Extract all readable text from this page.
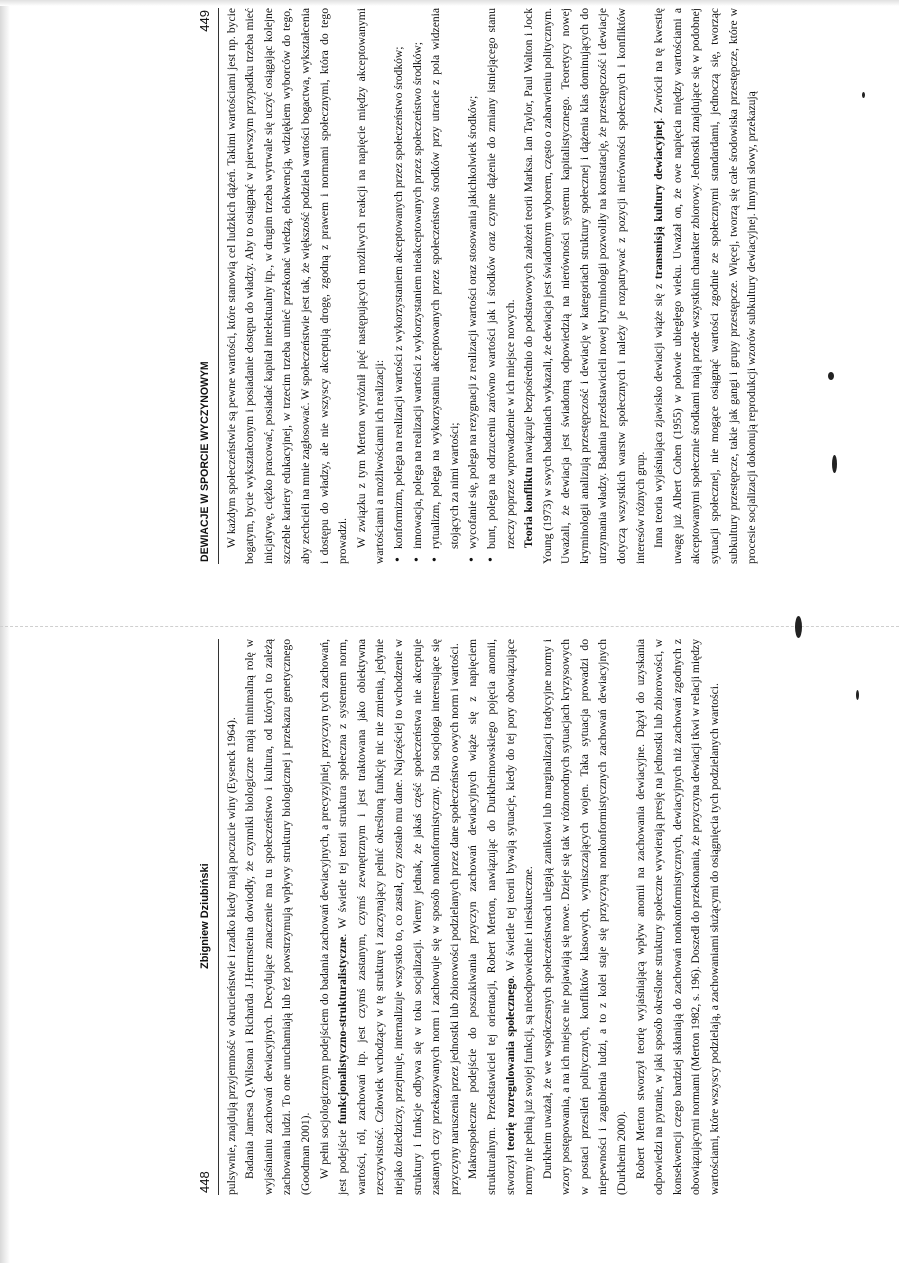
DEWIACJE W SPORCIE WYCZYNOWYM
449 W każdym społeczeństwie są pewne wartości, które stanowią cel ludzkich dążeń. Takimi wartościami jest np. bycie bogatym, bycie wykształconym i posiadanie dostępu do władzy. Aby to osiągnąć w pierwszym przypadku trzeba mieć inicjatywę, ciężko pracować, posiadać kapitał intelektualny itp., w drugim trzeba wytrwale się uczyć osiągając kolejne szczeble kariery edukacyjnej, w trzecim trzeba umieć przekonać wiedzą, elokwencją, wdziękiem wyborców do tego, aby zechcieli na mnie zagłosować. W społeczeństwie jest tak, że większość podziela wartości bogactwa, wykształcenia i dostępu do władzy, ale nie wszyscy akceptują drogę, zgodną z prawem i normami społecznymi, która do tego prowadzi. W związku z tym Merton wyróżnił pięć następujących możliwych reakcji na napięcie między akceptowanymi wartościami a możliwościami ich realizacji: • konformizm, polega na realizacji wartości z wykorzystaniem akceptowanych przez społeczeństwo środków; • innowacja, polega na realizacji wartości z wykorzystaniem nieakceptowanych przez społeczeństwo środków; • rytualizm, polega na wykorzystaniu akceptowanych przez społeczeństwo środków przy utracie z pola widzenia stojących za nimi wartości; • wycofanie się, polega na rezygnacji z realizacji wartości oraz stosowania jakichkolwiek środków; • bunt, polega na odrzuceniu zarówno wartości jak i środków oraz czynne dążenie do zmiany istniejącego stanu rzeczy poprzez wprowadzenie w ich miejsce nowych. Teoria konfliktu nawiązuje bezpośrednio do podstawowych założeń teorii Marksa. Ian Taylor, Paul Walton i Jock Young (1973) w swych badaniach wykazali, że dewiacja jest świadomym wyborem, często o zabarwieniu politycznym. Uważali, że dewiacja jest świadomą odpowiedzią na nierówności systemu kapitalistycznego. Teoretycy nowej kryminologii analizują przestępczość i dewiację w kategoriach struktury społecznej i dążenia klas dominujących do utrzymania władzy. Badania przedstawicieli nowej kryminologii pozwoliły na konstatację, że przestępczość i dewiacje dotyczą wszystkich warstw społecznych i należy je rozpatrywać z pozycji nierówności społecznych i konfliktów interesów różnych grup. Inna teoria wyjaśniająca zjawisko dewiacji wiąże się z transmisją kultury dewiacyjnej. Zwrócił na tę kwestię uwagę już Albert Cohen (1955) w połowie ubiegłego wieku. Uważał on, że owe napięcia między wartościami a akceptowanymi społecznie środkami mają przede wszystkim charakter zbiorowy. Jednostki znajdujące się w podobnej sytuacji społecznej, nie mogące osiągnąć wartości zgodnie ze społecznymi standardami, jednoczą się, tworząc subkultury przestępcze, takie jak gangi i grupy przestępcze. Więcej, tworzą się całe środowiska przestępcze, które w procesie socjalizacji dokonują reprodukcji wzorów subkultury dewiacyjnej. Innymi słowy, przekazują

448
Zbigniew Dziubiński	pulsywnie, znajdują przyjemność w okrucieństwie i rzadko kiedy mają poczucie winy (Eysenck 1964). Badania Jamesa Q.Wilsona i Richarda J.Herrnsteina dowiodły, że czynniki biologiczne mają minimalną rolę w wyjaśnianiu zachowań dewiacyjnych. Decydujące znaczenie ma tu społeczeństwo i kultura, od których to zależą zachowania ludzi. To one uruchamiają lub też powstrzymują wpływy struktury biologicznej i przekazu genetycznego (Goodman 2001). W pełni socjologicznym podejściem do badania zachowań dewiacyjnych, a precyzyjniej, przyczyn tych zachowań, jest podejście funkcjonalistyczno-strukturalistyczne. W świetle tej teorii struktura społeczna z systemem norm, wartości, ról, zachowań itp. jest czymś zastanym, czymś zewnętrznym i jest traktowana jako obiektywna rzeczywistość. Człowiek wchodzący w tę strukturę i zaczynający pełnić określoną funkcję nic nie zmienia, jedynie niejako dziedziczy, przejmuje, internalizuje wszystko to, co zastał, czy zostało mu dane. Najczęściej to wchodzenie w struktury i funkcje odbywa się w toku socjalizacji. Wiemy jednak, że jakaś część społeczeństwa nie akceptuje zastanych czy przekazywanych norm i zachowuje się w sposób nonkonformistyczny. Dla socjologa interesujące się przyczyny naruszenia przez jednostki lub zbiorowości podzielanych przez dane społeczeństwo owych norm i wartości. Makrospołeczne podejście do poszukiwania przyczyn zachowań dewiacyjnych wiąże się z napięciem strukturalnym. Przedstawiciel tej orientacji, Robert Merton, nawiązując do Durkheimowskiego pojęcia anomii, stworzył teorię rozregulowania społecznego. W świetle tej teorii bywają sytuacje, kiedy do tej pory obowiązujące normy nie pełnią już swojej funkcji, są nieodpowiednie i nieskuteczne. Durkheim uważał, że we współczesnych społeczeństwach ulegają zanikowi lub marginalizacji tradycyjne normy i wzory postępowania, a na ich miejsce nie pojawiają się nowe. Dzieje się tak w różnorodnych sytuacjach kryzysowych w postaci przesileń politycznych, konfliktów klasowych, wyniszczających wojen. Taka sytuacja prowadzi do niepewności i zagubienia ludzi, a to z kolei staje się przyczyną nonkonformistycznych zachowań dewiacyjnych (Durkheim 2000). Robert Merton stworzył teorię wyjaśniającą wpływ anomii na zachowania dewiacyjne. Dążył do uzyskania odpowiedzi na pytanie, w jaki sposób określone struktury społeczne wywierają presję na jednostki lub zbiorowości, w konsekwencji czego bardziej skłaniają do zachowań nonkonformistycznych, dewiacyjnych niż zachowań zgodnych z obowiązującymi normami (Merton 1982, s. 196). Doszedł do przekonania, że przyczyna dewiacji tkwi w relacji między wartościami, które wszyscy podzielają, a zachowaniami służącymi do osiągnięcia tych podzielanych wartości.
